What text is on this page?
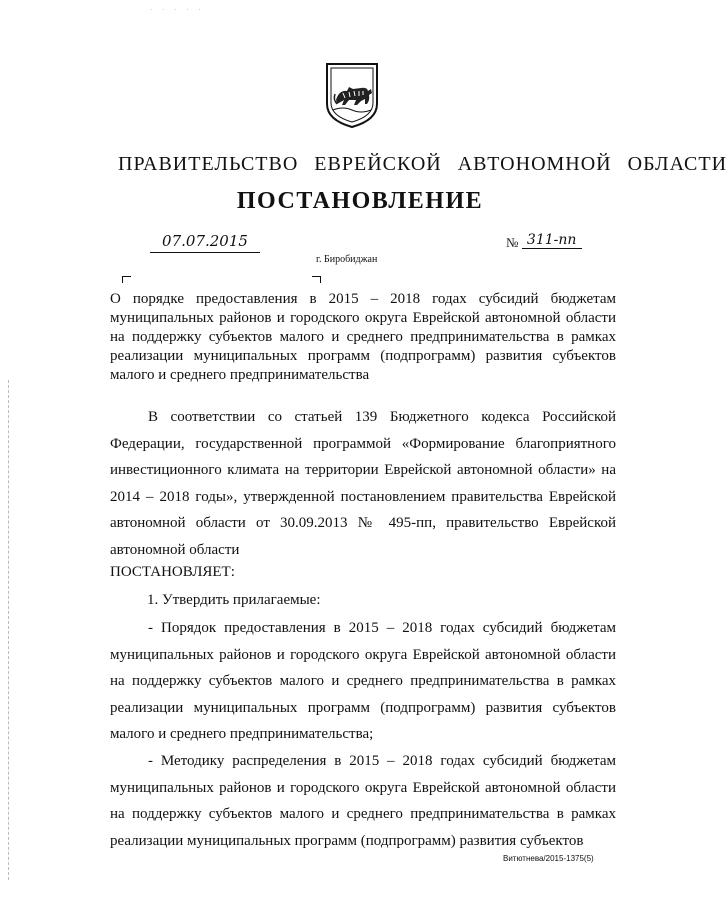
· · · · ·
ПРАВИТЕЛЬСТВО ЕВРЕЙСКОЙ АВТОНОМНОЙ ОБЛАСТИ
ПОСТАНОВЛЕНИЕ
07.07.2015	№ 311-пп
г. Биробиджан
О порядке предоставления в 2015 – 2018 годах субсидий бюджетам муниципальных районов и городского округа Еврейской автономной области на поддержку субъектов малого и среднего предпринимательства в рамках реализации муниципальных программ (подпрограмм) развития субъектов малого и среднего предпринимательства
В соответствии со статьей 139 Бюджетного кодекса Российской Федерации, государственной программой «Формирование благоприятного инвестиционного климата на территории Еврейской автономной области» на 2014 – 2018 годы», утвержденной постановлением правительства Еврейской автономной области от 30.09.2013 № 495-пп, правительство Еврейской автономной области
ПОСТАНОВЛЯЕТ:
1. Утвердить прилагаемые:
- Порядок предоставления в 2015 – 2018 годах субсидий бюджетам муниципальных районов и городского округа Еврейской автономной области на поддержку субъектов малого и среднего предпринимательства в рамках реализации муниципальных программ (подпрограмм) развития субъектов малого и среднего предпринимательства;
- Методику распределения в 2015 – 2018 годах субсидий бюджетам муниципальных районов и городского округа Еврейской автономной области на поддержку субъектов малого и среднего предпринимательства в рамках реализации муниципальных программ (подпрограмм) развития субъектов
Витютнева/2015-1375(5)
